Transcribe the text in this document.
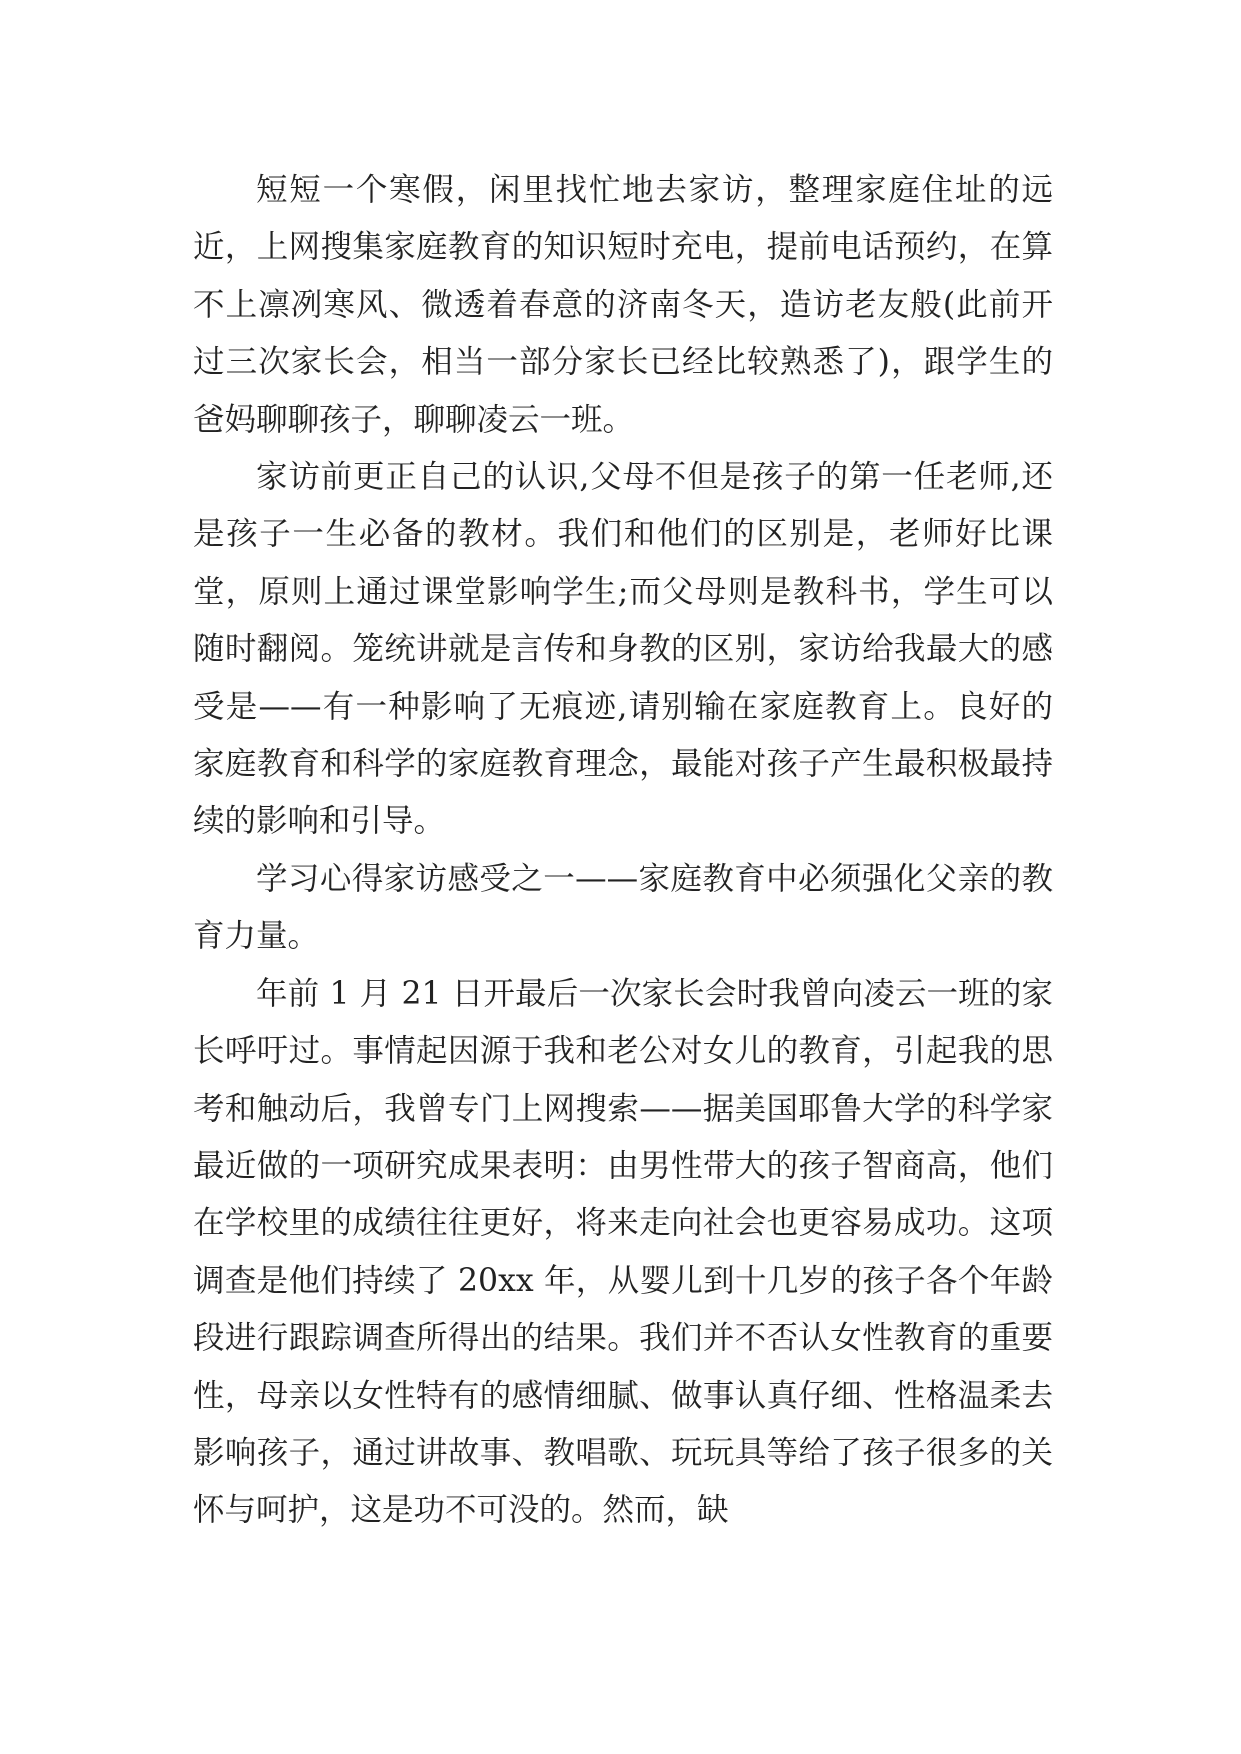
短短一个寒假，闲里找忙地去家访，整理家庭住址的远近，上网搜集家庭教育的知识短时充电，提前电话预约，在算不上凛冽寒风、微透着春意的济南冬天，造访老友般(此前开过三次家长会，相当一部分家长已经比较熟悉了)，跟学生的爸妈聊聊孩子，聊聊凌云一班。

家访前更正自己的认识,父母不但是孩子的第一任老师,还是孩子一生必备的教材。我们和他们的区别是，老师好比课堂，原则上通过课堂影响学生;而父母则是教科书，学生可以随时翻阅。笼统讲就是言传和身教的区别，家访给我最大的感受是——有一种影响了无痕迹,请别输在家庭教育上。良好的家庭教育和科学的家庭教育理念，最能对孩子产生最积极最持续的影响和引导。

学习心得家访感受之一——家庭教育中必须强化父亲的教育力量。

年前 1 月 21 日开最后一次家长会时我曾向凌云一班的家长呼吁过。事情起因源于我和老公对女儿的教育，引起我的思考和触动后，我曾专门上网搜索——据美国耶鲁大学的科学家最近做的一项研究成果表明：由男性带大的孩子智商高，他们在学校里的成绩往往更好，将来走向社会也更容易成功。这项调查是他们持续了 20xx 年，从婴儿到十几岁的孩子各个年龄段进行跟踪调查所得出的结果。我们并不否认女性教育的重要性，母亲以女性特有的感情细腻、做事认真仔细、性格温柔去影响孩子，通过讲故事、教唱歌、玩玩具等给了孩子很多的关怀与呵护，这是功不可没的。然而，缺
